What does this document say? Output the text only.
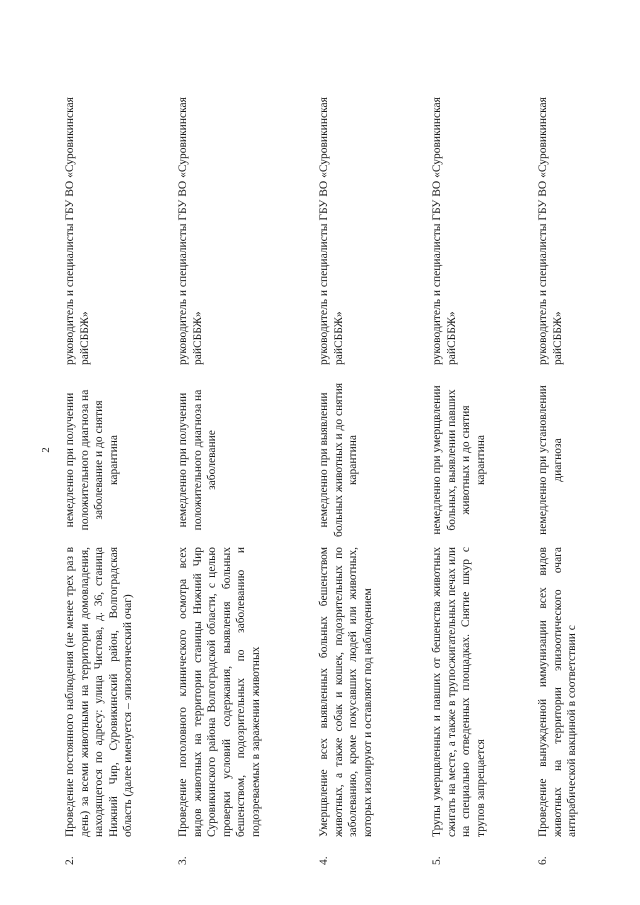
2
2.
Проведение постоянного наблюдения (не менее трех раз в день) за всеми животными на территории домовладения, находящегося по адресу: улица Чистова, д. 36, станица Нижний Чир, Суровикинский район, Волгоградская область (далее именуется – эпизоотический очаг)
немедленно при получении положительного диагноза на заболевание и до снятия карантина
руководитель и специалисты ГБУ ВО «Суровикинская райСББЖ»
3.
Проведение поголовного клинического осмотра всех видов животных на территории станицы Нижний Чир Суровикинского района Волгоградской области, с целью проверки условий содержания, выявления больных бешенством, подозрительных по заболеванию и подозреваемых в заражении животных
немедленно при получении положительного диагноза на заболевание
руководитель и специалисты ГБУ ВО «Суровикинская райСББЖ»
4.
Умерщвление всех выявленных больных бешенством животных, а также собак и кошек, подозрительных по заболеванию, кроме покусавших людей или животных, которых изолируют и оставляют под наблюдением
немедленно при выявлении больных животных и до снятия карантина
руководитель и специалисты ГБУ ВО «Суровикинская райСББЖ»
5.
Трупы умерщвленных и павших от бешенства животных сжигать на месте, а также в трупосжигательных печах или на специально отведенных площадках. Снятие шкур с трупов запрещается
немедленно при умерщвлении больных, выявлении павших животных и до снятия карантина
руководитель и специалисты ГБУ ВО «Суровикинская райСББЖ»
6.
Проведение вынужденной иммунизации всех видов животных на территории эпизоотического очага антирабической вакциной в соответствии с
немедленно при установлении диагноза
руководитель и специалисты ГБУ ВО «Суровикинская райСББЖ»
